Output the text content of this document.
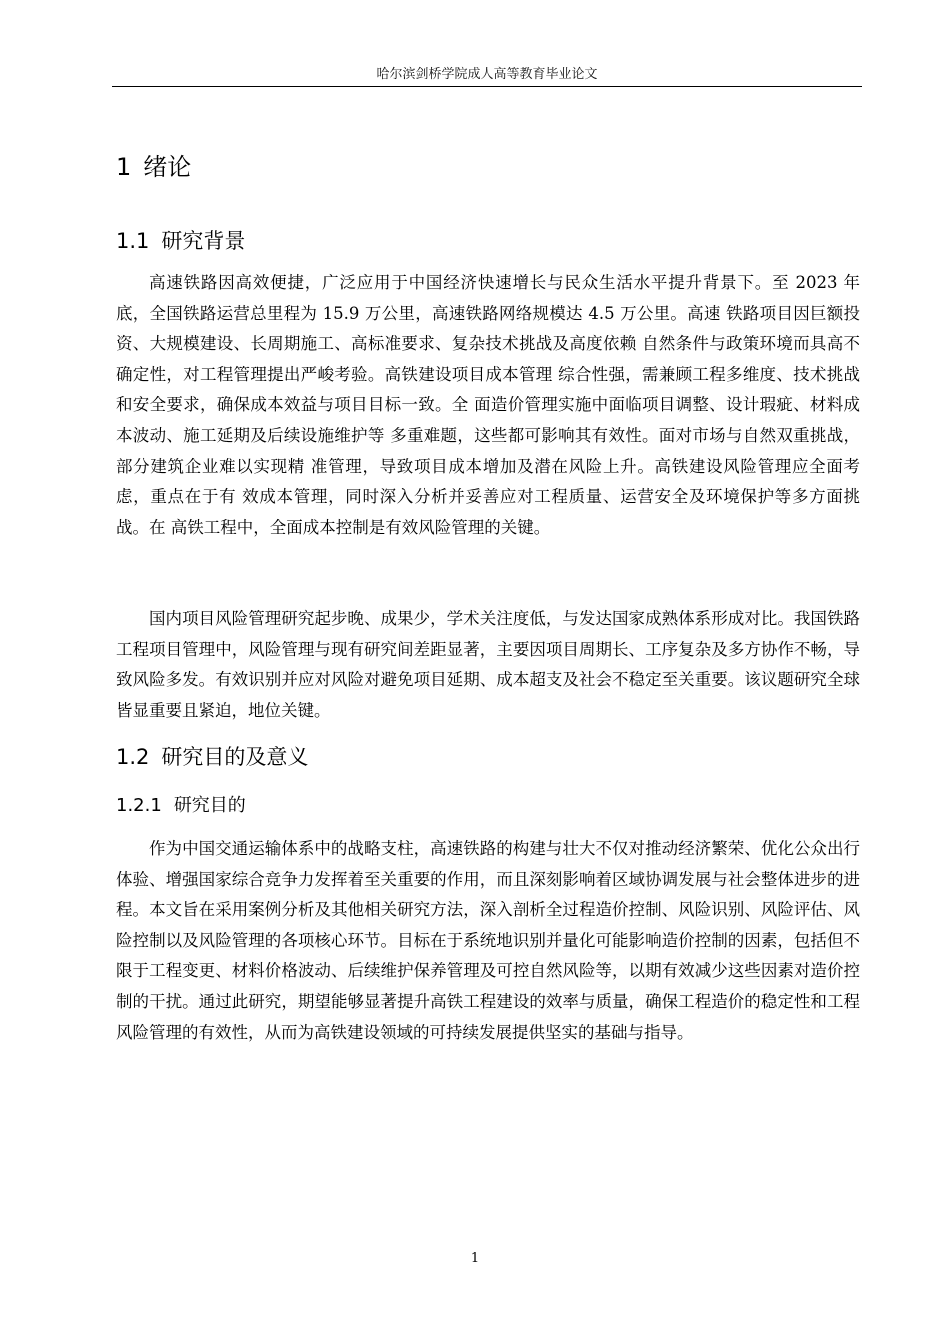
哈尔滨剑桥学院成人高等教育毕业论文
1 绪论
1.1 研究背景

高速铁路因高效便捷，广泛应用于中国经济快速增长与民众生活水平提升背景下。至 2023 年底，全国铁路运营总里程为 15.9 万公里，高速铁路网络规模达 4.5 万公里。高速 铁路项目因巨额投资、大规模建设、长周期施工、高标准要求、复杂技术挑战及高度依赖 自然条件与政策环境而具高不确定性，对工程管理提出严峻考验。高铁建设项目成本管理 综合性强，需兼顾工程多维度、技术挑战和安全要求，确保成本效益与项目目标一致。全 面造价管理实施中面临项目调整、设计瑕疵、材料成本波动、施工延期及后续设施维护等 多重难题，这些都可影响其有效性。面对市场与自然双重挑战，部分建筑企业难以实现精 准管理，导致项目成本增加及潜在风险上升。高铁建设风险管理应全面考虑，重点在于有 效成本管理，同时深入分析并妥善应对工程质量、运营安全及环境保护等多方面挑战。在 高铁工程中，全面成本控制是有效风险管理的关键。

国内项目风险管理研究起步晚、成果少，学术关注度低，与发达国家成熟体系形成对比。我国铁路工程项目管理中，风险管理与现有研究间差距显著，主要因项目周期长、工序复杂及多方协作不畅，导致风险多发。有效识别并应对风险对避免项目延期、成本超支及社会不稳定至关重要。该议题研究全球皆显重要且紧迫，地位关键。

1.2 研究目的及意义
1.2.1 研究目的

作为中国交通运输体系中的战略支柱，高速铁路的构建与壮大不仅对推动经济繁荣、优化公众出行体验、增强国家综合竞争力发挥着至关重要的作用，而且深刻影响着区域协调发展与社会整体进步的进程。本文旨在采用案例分析及其他相关研究方法，深入剖析全过程造价控制、风险识别、风险评估、风险控制以及风险管理的各项核心环节。目标在于系统地识别并量化可能影响造价控制的因素，包括但不限于工程变更、材料价格波动、后续维护保养管理及可控自然风险等，以期有效减少这些因素对造价控制的干扰。通过此研究，期望能够显著提升高铁工程建设的效率与质量，确保工程造价的稳定性和工程风险管理的有效性，从而为高铁建设领域的可持续发展提供坚实的基础与指导。

1
